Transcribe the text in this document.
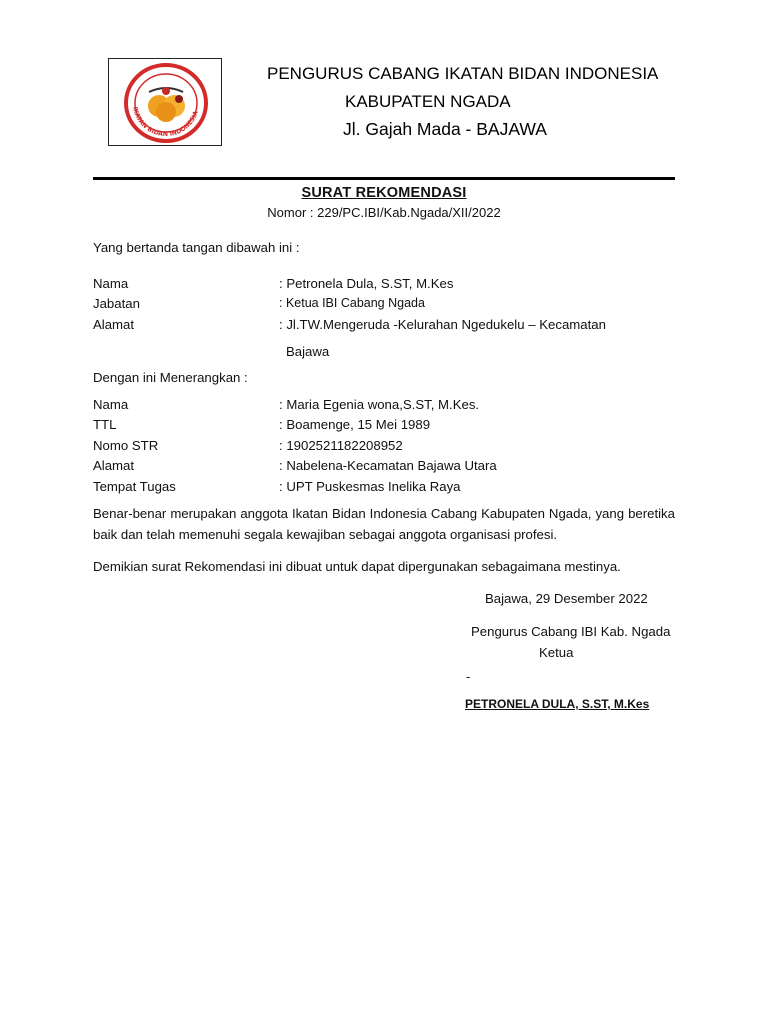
IKATAN BIDAN INDONESIA
PENGURUS CABANG IKATAN BIDAN INDONESIA
KABUPATEN NGADA
Jl. Gajah Mada - BAJAWA
SURAT REKOMENDASI
Nomor : 229/PC.IBI/Kab.Ngada/XII/2022
Yang bertanda tangan dibawah ini :
Nama	: Petronela Dula, S.ST, M.Kes
Jabatan	: Ketua IBI Cabang Ngada
Alamat	: Jl.TW.Mengeruda -Kelurahan Ngedukelu – Kecamatan
Bajawa
Dengan ini Menerangkan :
Nama	: Maria Egenia wona,S.ST, M.Kes.
TTL	: Boamenge, 15 Mei 1989
Nomo STR	: 1902521182208952
Alamat	: Nabelena-Kecamatan Bajawa Utara
Tempat Tugas	: UPT Puskesmas Inelika Raya
Benar-benar merupakan anggota Ikatan Bidan Indonesia Cabang Kabupaten Ngada, yang beretika baik dan telah memenuhi segala kewajiban sebagai anggota organisasi profesi.
Demikian surat Rekomendasi ini dibuat untuk dapat dipergunakan sebagaimana mestinya.
Bajawa, 29 Desember 2022
Pengurus Cabang IBI Kab. Ngada
Ketua
-
PETRONELA DULA, S.ST, M.Kes
